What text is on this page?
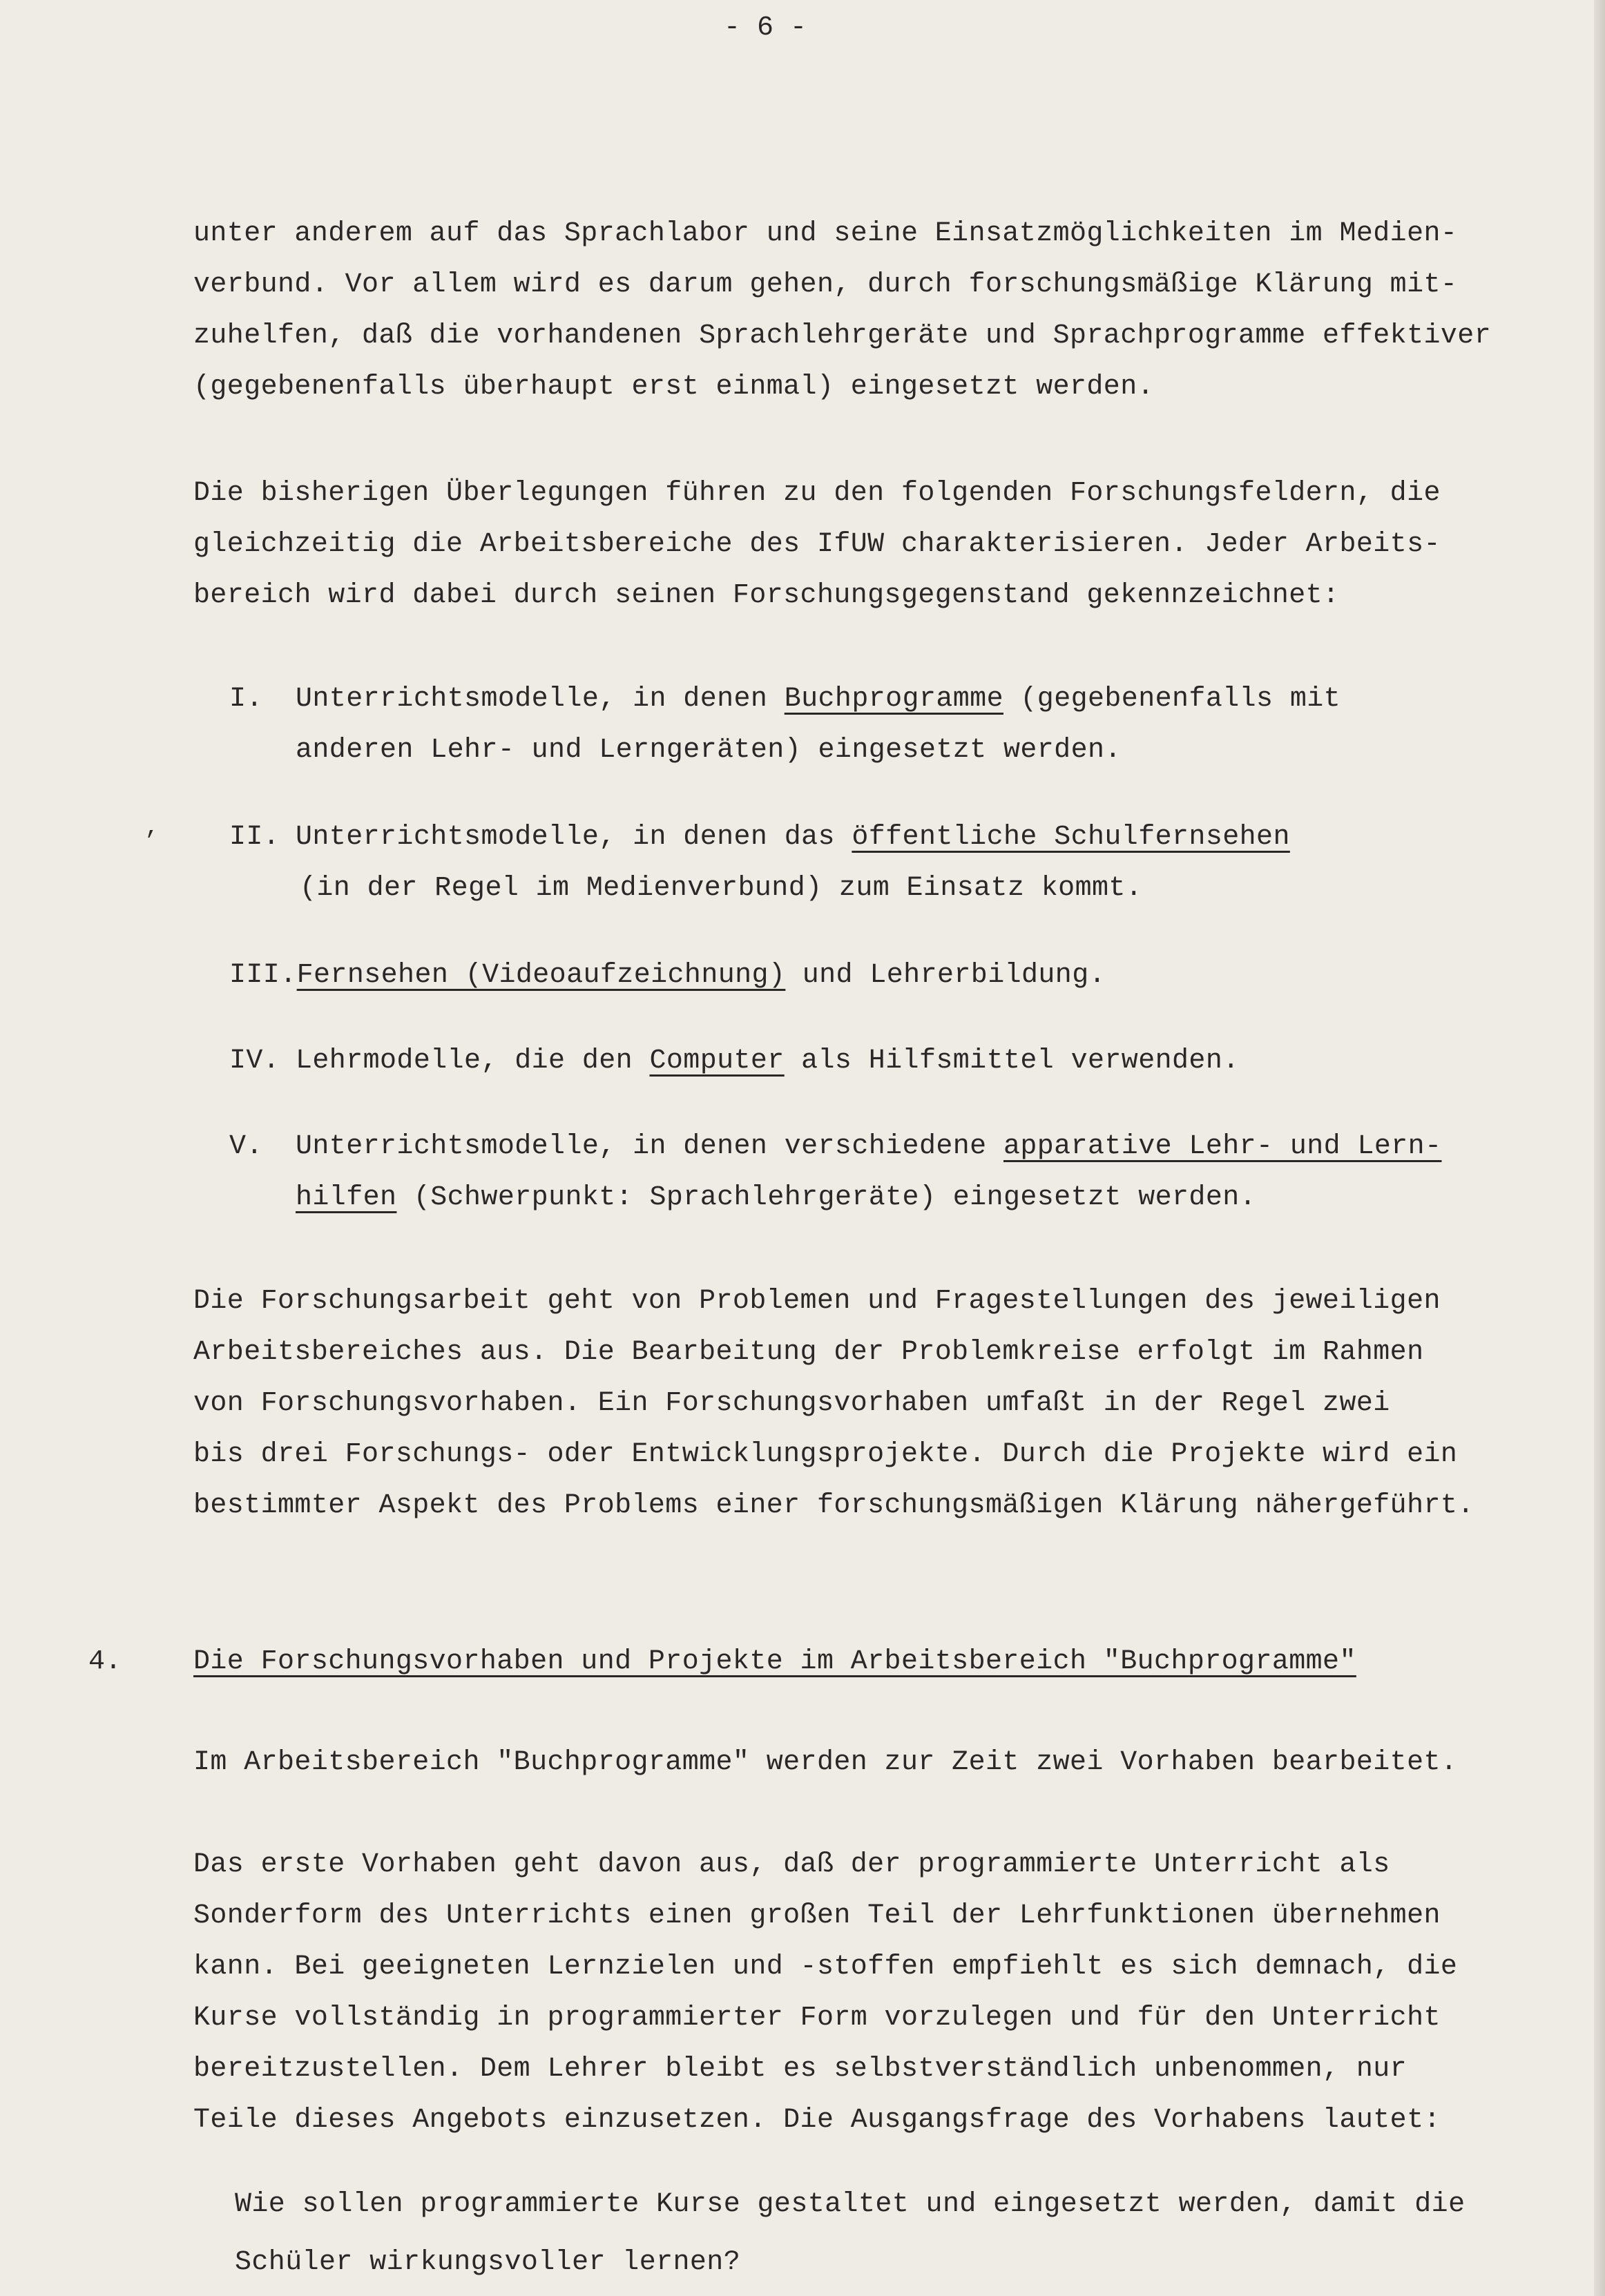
- 6 -

unter anderem auf das Sprachlabor und seine Einsatzmöglichkeiten im Medien-

verbund. Vor allem wird es darum gehen, durch forschungsmäßige Klärung mit-

zuhelfen, daß die vorhandenen Sprachlehrgeräte und Sprachprogramme effektiver

(gegebenenfalls überhaupt erst einmal) eingesetzt werden.

Die bisherigen Überlegungen führen zu den folgenden Forschungsfeldern, die

gleichzeitig die Arbeitsbereiche des IfUW charakterisieren. Jeder Arbeits-

bereich wird dabei durch seinen Forschungsgegenstand gekennzeichnet:

I. Unterrichtsmodelle, in denen Buchprogramme (gegebenenfalls mit

anderen Lehr- und Lerngeräten) eingesetzt werden.

,	II. Unterrichtsmodelle, in denen das öffentliche Schulfernsehen

(in der Regel im Medienverbund) zum Einsatz kommt.

III.Fernsehen (Videoaufzeichnung) und Lehrerbildung.

IV. Lehrmodelle, die den Computer als Hilfsmittel verwenden.

V. Unterrichtsmodelle, in denen verschiedene apparative Lehr- und Lern-

hilfen (Schwerpunkt: Sprachlehrgeräte) eingesetzt werden.

Die Forschungsarbeit geht von Problemen und Fragestellungen des jeweiligen

Arbeitsbereiches aus. Die Bearbeitung der Problemkreise erfolgt im Rahmen

von Forschungsvorhaben. Ein Forschungsvorhaben umfaßt in der Regel zwei

bis drei Forschungs- oder Entwicklungsprojekte. Durch die Projekte wird ein

bestimmter Aspekt des Problems einer forschungsmäßigen Klärung nähergeführt.

4.	Die Forschungsvorhaben und Projekte im Arbeitsbereich "Buchprogramme"

Im Arbeitsbereich "Buchprogramme" werden zur Zeit zwei Vorhaben bearbeitet.

Das erste Vorhaben geht davon aus, daß der programmierte Unterricht als

Sonderform des Unterrichts einen großen Teil der Lehrfunktionen übernehmen

kann. Bei geeigneten Lernzielen und -stoffen empfiehlt es sich demnach, die

Kurse vollständig in programmierter Form vorzulegen und für den Unterricht

bereitzustellen. Dem Lehrer bleibt es selbstverständlich unbenommen, nur

Teile dieses Angebots einzusetzen. Die Ausgangsfrage des Vorhabens lautet:

Wie sollen programmierte Kurse gestaltet und eingesetzt werden, damit die

Schüler wirkungsvoller lernen?
